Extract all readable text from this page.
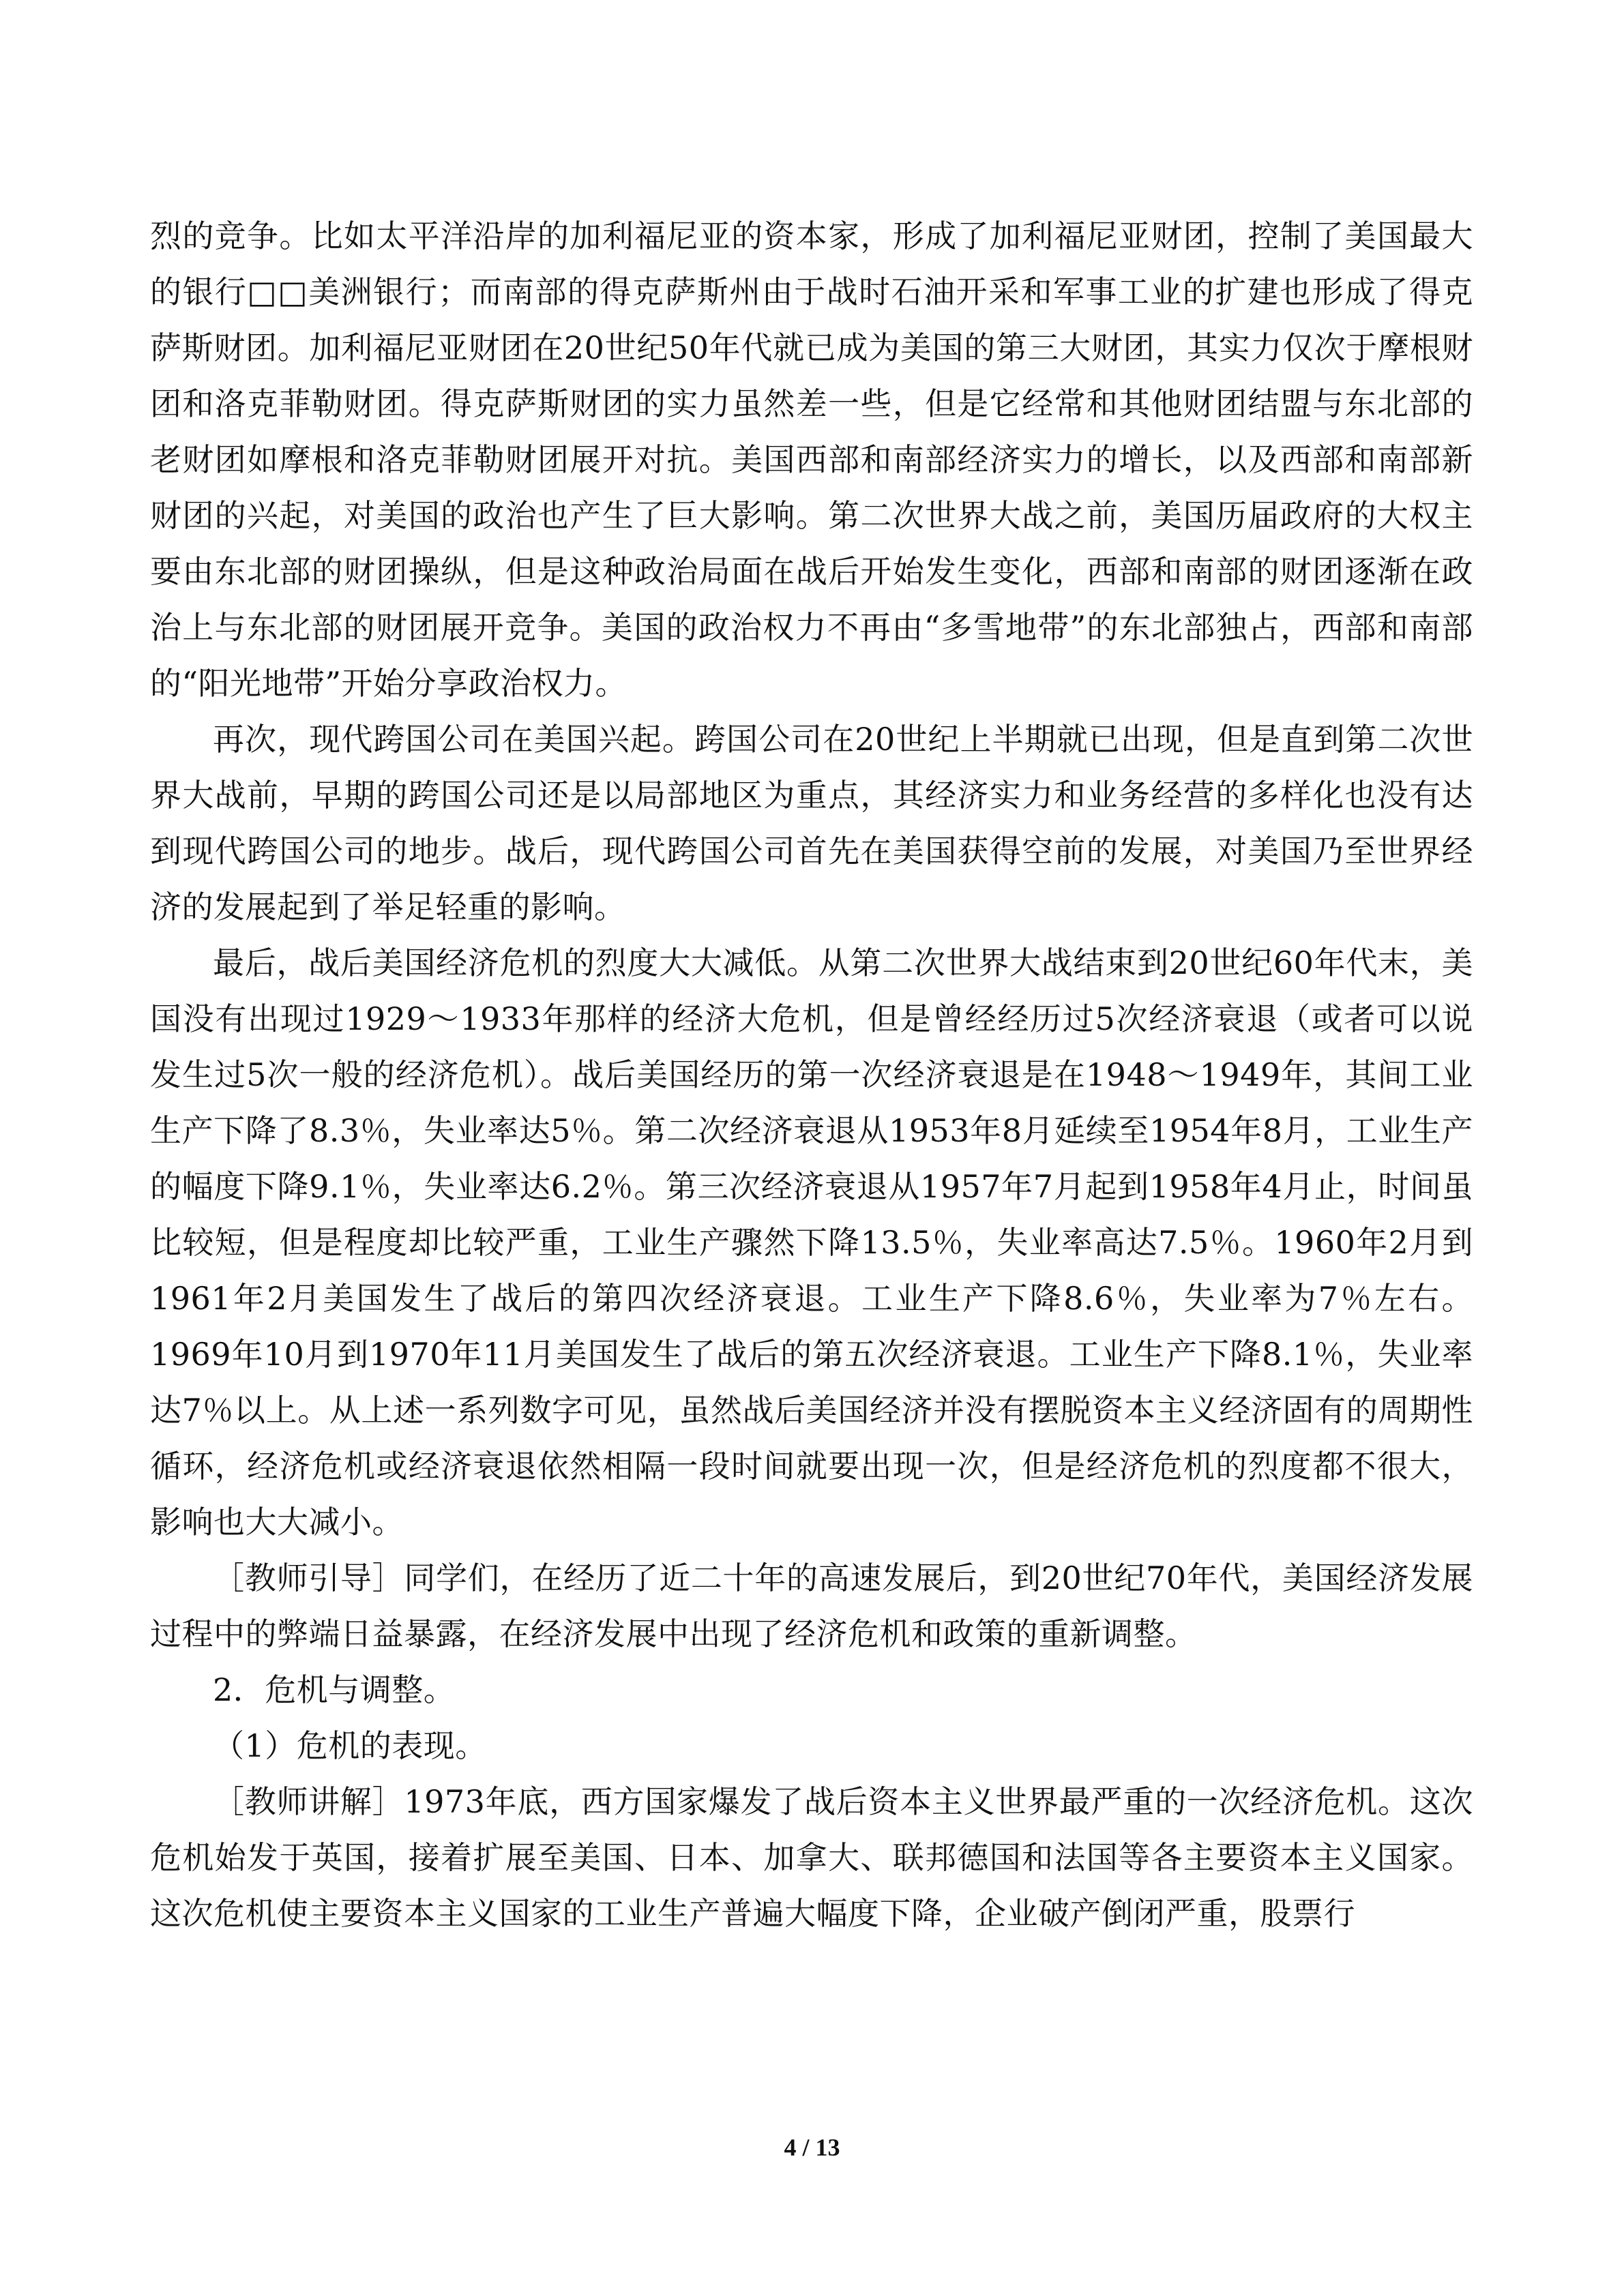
烈的竞争。比如太平洋沿岸的加利福尼亚的资本家，形成了加利福尼亚财团，控制了美国最大的银行□□美洲银行；而南部的得克萨斯州由于战时石油开采和军事工业的扩建也形成了得克萨斯财团。加利福尼亚财团在20世纪50年代就已成为美国的第三大财团，其实力仅次于摩根财团和洛克菲勒财团。得克萨斯财团的实力虽然差一些，但是它经常和其他财团结盟与东北部的老财团如摩根和洛克菲勒财团展开对抗。美国西部和南部经济实力的增长，以及西部和南部新财团的兴起，对美国的政治也产生了巨大影响。第二次世界大战之前，美国历届政府的大权主要由东北部的财团操纵，但是这种政治局面在战后开始发生变化，西部和南部的财团逐渐在政治上与东北部的财团展开竞争。美国的政治权力不再由“多雪地带”的东北部独占，西部和南部的“阳光地带”开始分享政治权力。

再次，现代跨国公司在美国兴起。跨国公司在20世纪上半期就已出现，但是直到第二次世界大战前，早期的跨国公司还是以局部地区为重点，其经济实力和业务经营的多样化也没有达到现代跨国公司的地步。战后，现代跨国公司首先在美国获得空前的发展，对美国乃至世界经济的发展起到了举足轻重的影响。

最后，战后美国经济危机的烈度大大减低。从第二次世界大战结束到20世纪60年代末，美国没有出现过1929～1933年那样的经济大危机，但是曾经经历过5次经济衰退（或者可以说发生过5次一般的经济危机）。战后美国经历的第一次经济衰退是在1948～1949年，其间工业生产下降了8.3％，失业率达5％。第二次经济衰退从1953年8月延续至1954年8月，工业生产的幅度下降9.1％，失业率达6.2％。第三次经济衰退从1957年7月起到1958年4月止，时间虽比较短，但是程度却比较严重，工业生产骤然下降13.5％，失业率高达7.5％。1960年2月到1961年2月美国发生了战后的第四次经济衰退。工业生产下降8.6％，失业率为7％左右。1969年10月到1970年11月美国发生了战后的第五次经济衰退。工业生产下降8.1％，失业率达7％以上。从上述一系列数字可见，虽然战后美国经济并没有摆脱资本主义经济固有的周期性循环，经济危机或经济衰退依然相隔一段时间就要出现一次，但是经济危机的烈度都不很大，影响也大大减小。

［教师引导］同学们，在经历了近二十年的高速发展后，到20世纪70年代，美国经济发展过程中的弊端日益暴露，在经济发展中出现了经济危机和政策的重新调整。

2．危机与调整。

（1）危机的表现。

［教师讲解］1973年底，西方国家爆发了战后资本主义世界最严重的一次经济危机。这次危机始发于英国，接着扩展至美国、日本、加拿大、联邦德国和法国等各主要资本主义国家。这次危机使主要资本主义国家的工业生产普遍大幅度下降，企业破产倒闭严重，股票行

4 / 13
